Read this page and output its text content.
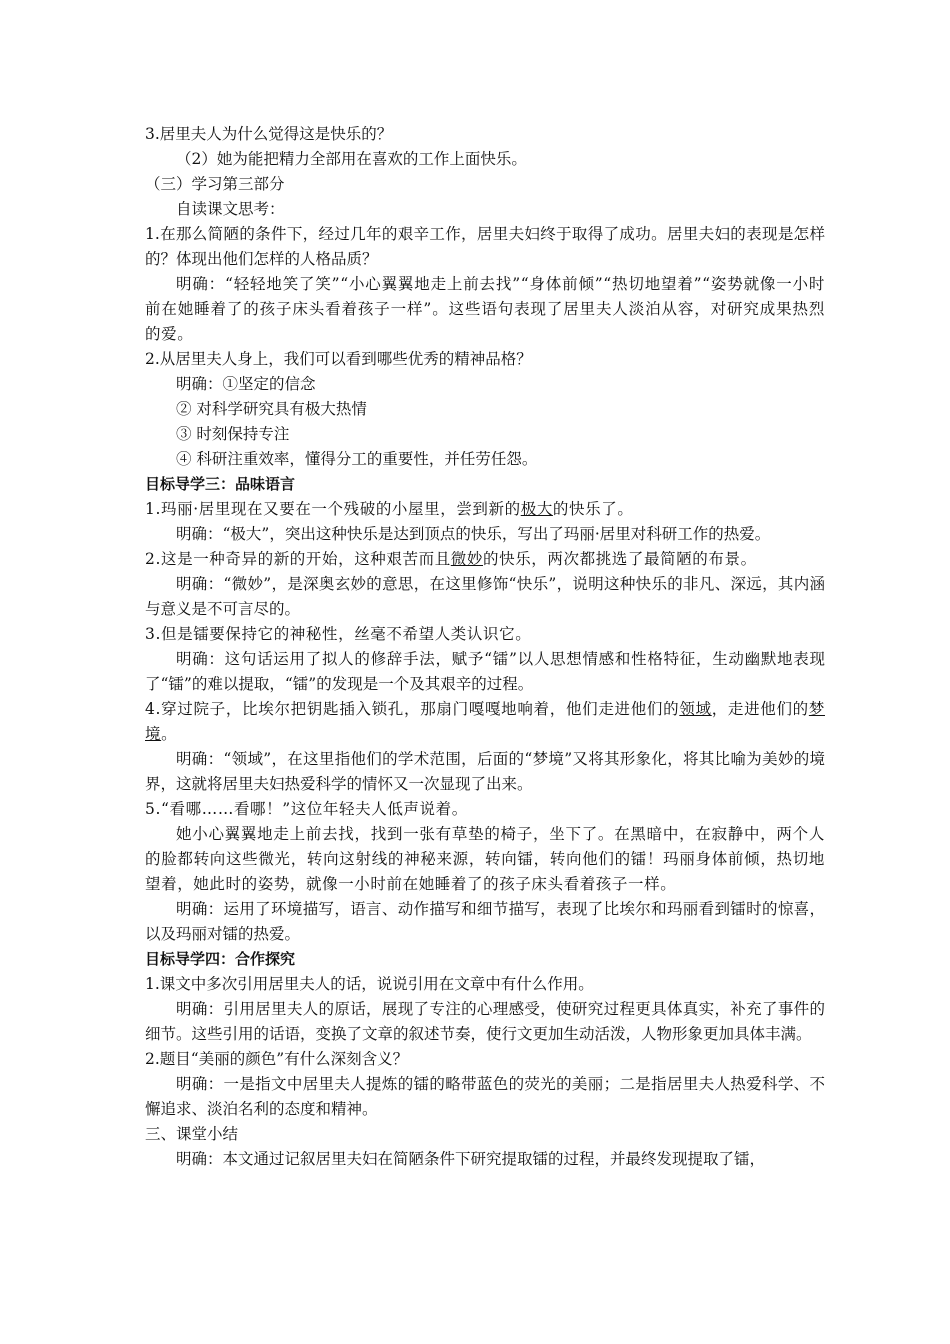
3.居里夫人为什么觉得这是快乐的？

（2）她为能把精力全部用在喜欢的工作上面快乐。

（三）学习第三部分

自读课文思考：

1.在那么简陋的条件下，经过几年的艰辛工作，居里夫妇终于取得了成功。居里夫妇的表现是怎样的？体现出他们怎样的人格品质？

明确：“轻轻地笑了笑”“小心翼翼地走上前去找”“身体前倾”“热切地望着”“姿势就像一小时前在她睡着了的孩子床头看着孩子一样”。这些语句表现了居里夫人淡泊从容，对研究成果热烈的爱。

2.从居里夫人身上，我们可以看到哪些优秀的精神品格？

明确：①坚定的信念

② 对科学研究具有极大热情

③ 时刻保持专注

④ 科研注重效率，懂得分工的重要性，并任劳任怨。

目标导学三：品味语言

1.玛丽·居里现在又要在一个残破的小屋里，尝到新的极大的快乐了。

明确：“极大”，突出这种快乐是达到顶点的快乐，写出了玛丽·居里对科研工作的热爱。

2.这是一种奇异的新的开始，这种艰苦而且微妙的快乐，两次都挑选了最简陋的布景。

明确：“微妙”，是深奥玄妙的意思，在这里修饰“快乐”，说明这种快乐的非凡、深远，其内涵与意义是不可言尽的。

3.但是镭要保持它的神秘性，丝毫不希望人类认识它。

明确：这句话运用了拟人的修辞手法，赋予“镭”以人思想情感和性格特征，生动幽默地表现了“镭”的难以提取，“镭”的发现是一个及其艰辛的过程。

4.穿过院子，比埃尔把钥匙插入锁孔，那扇门嘎嘎地响着，他们走进他们的领域，走进他们的梦境。

明确：“领域”，在这里指他们的学术范围，后面的“梦境”又将其形象化，将其比喻为美妙的境界，这就将居里夫妇热爱科学的情怀又一次显现了出来。

5.“看哪……看哪！”这位年轻夫人低声说着。

她小心翼翼地走上前去找，找到一张有草垫的椅子，坐下了。在黑暗中，在寂静中，两个人的脸都转向这些微光，转向这射线的神秘来源，转向镭，转向他们的镭！玛丽身体前倾，热切地望着，她此时的姿势，就像一小时前在她睡着了的孩子床头看着孩子一样。

明确：运用了环境描写，语言、动作描写和细节描写，表现了比埃尔和玛丽看到镭时的惊喜，以及玛丽对镭的热爱。

目标导学四：合作探究

1.课文中多次引用居里夫人的话，说说引用在文章中有什么作用。

明确：引用居里夫人的原话，展现了专注的心理感受，使研究过程更具体真实，补充了事件的细节。这些引用的话语，变换了文章的叙述节奏，使行文更加生动活泼，人物形象更加具体丰满。

2.题目“美丽的颜色”有什么深刻含义？

明确：一是指文中居里夫人提炼的镭的略带蓝色的荧光的美丽；二是指居里夫人热爱科学、不懈追求、淡泊名利的态度和精神。

三、课堂小结

明确：本文通过记叙居里夫妇在简陋条件下研究提取镭的过程，并最终发现提取了镭，
